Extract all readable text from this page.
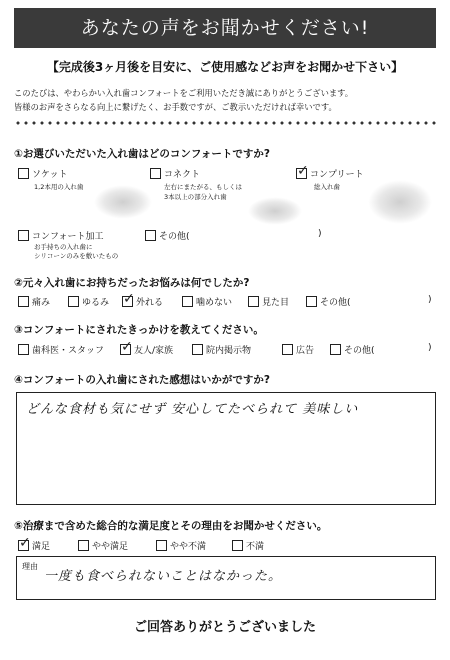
あなたの声をお聞かせください!
【完成後3ヶ月後を目安に、ご使用感などお声をお聞かせ下さい】
このたびは、やわらかい入れ歯コンフォートをご利用いただき誠にありがとうございます。
皆様のお声をさらなる向上に繋げたく、お手数ですが、ご教示いただければ幸いです。
①お選びいただいた入れ歯はどのコンフォートですか?
ソケット
1,2本用の入れ歯
コネクト
左右にまたがる、もしくは
3本以上の部分入れ歯
✓
コンプリート
総入れ歯
コンフォート加工
お手持ちの入れ歯に
シリコーンのみを敷いたもの
その他(	)
②元々入れ歯にお持ちだったお悩みは何でしたか?
痛み	ゆるみ ✓	外れる	噛めない	見た目	その他(	)
③コンフォートにされたきっかけを教えてください。
歯科医・スタッフ ✓	友人/家族	院内掲示物	広告	その他(	)
④コンフォートの入れ歯にされた感想はいかがですか?
どんな食材も気にせず 安心してたべられて 美味しい
⑤治療まで含めた総合的な満足度とその理由をお聞かせください。
✓
満足	やや満足	やや不満	不満
理由
一度も食べられないことはなかった。
ご回答ありがとうございました
